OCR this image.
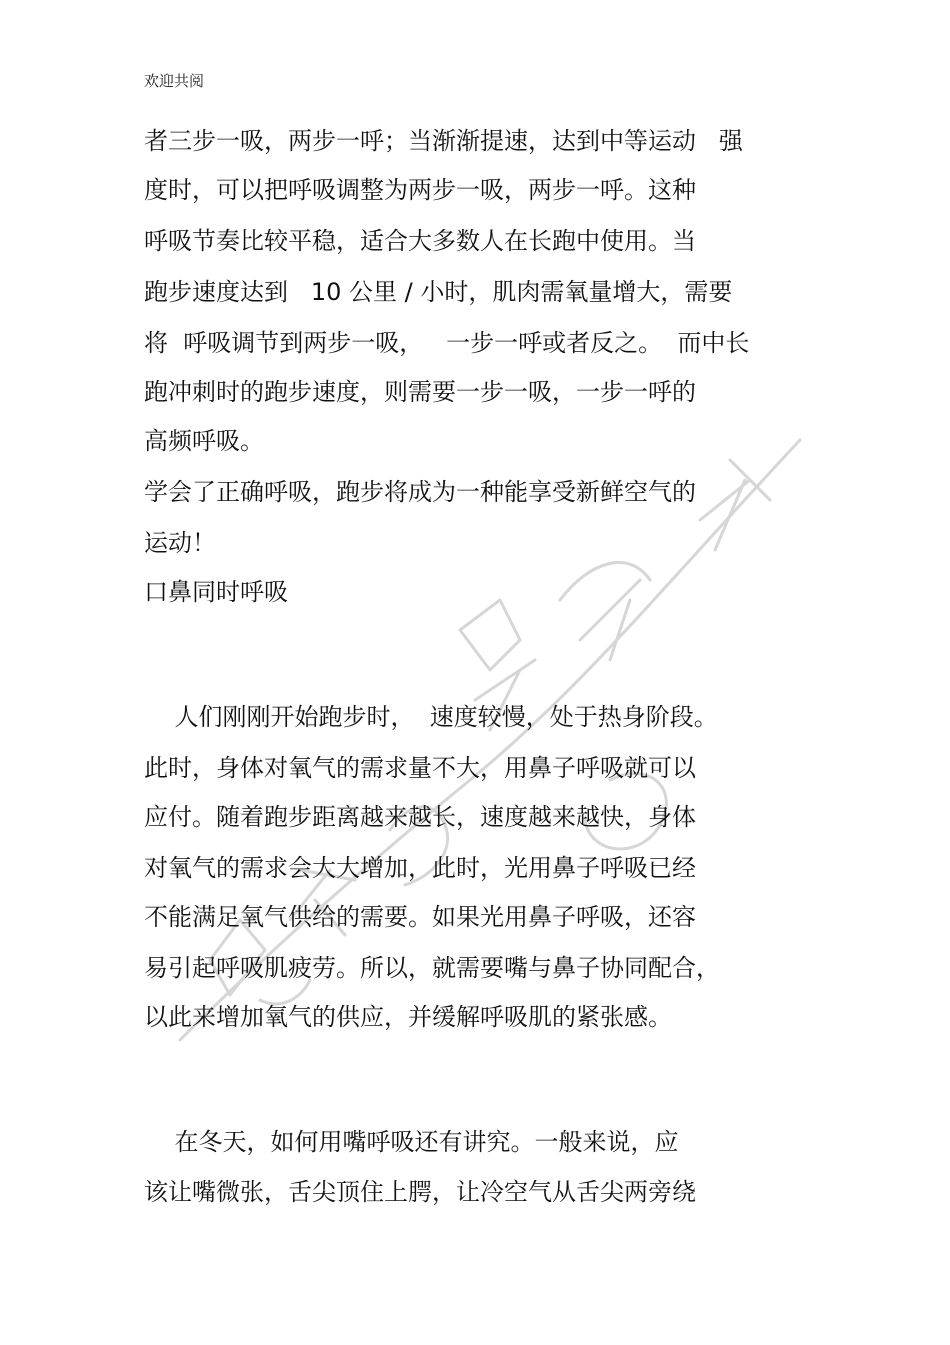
欢迎共阅
者三步一吸，两步一呼；当渐渐提速，达到中等运动   强
度时，可以把呼吸调整为两步一吸，两步一呼。这种
呼吸节奏比较平稳，适合大多数人在长跑中使用。当
跑步速度达到   10 公里 / 小时，肌肉需氧量增大，需要
将  呼吸调节到两步一吸，   一步一呼或者反之。  而中长
跑冲刺时的跑步速度，则需要一步一吸，一步一呼的
高频呼吸。
学会了正确呼吸，跑步将成为一种能享受新鲜空气的
运动！
口鼻同时呼吸
人们刚刚开始跑步时，  速度较慢，处于热身阶段。
此时，身体对氧气的需求量不大，用鼻子呼吸就可以
应付。随着跑步距离越来越长，速度越来越快，身体
对氧气的需求会大大增加，此时，光用鼻子呼吸已经
不能满足氧气供给的需要。如果光用鼻子呼吸，还容
易引起呼吸肌疲劳。所以，就需要嘴与鼻子协同配合，
以此来增加氧气的供应，并缓解呼吸肌的紧张感。
在冬天，如何用嘴呼吸还有讲究。一般来说，应
该让嘴微张，舌尖顶住上腭，让冷空气从舌尖两旁绕
